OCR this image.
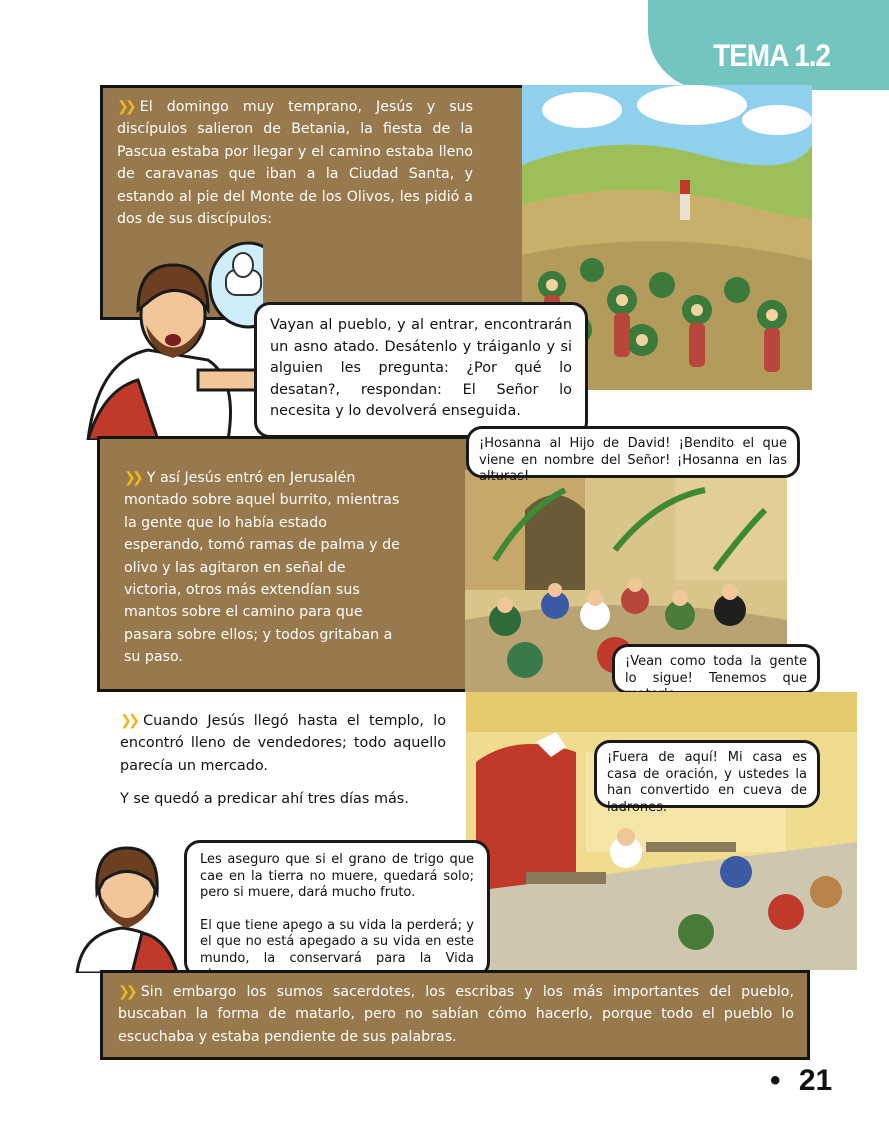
TEMA 1.2
❯❯ El domingo muy temprano, Jesús y sus discípulos salieron de Betania, la fiesta de la Pascua estaba por llegar y el camino estaba lleno de caravanas que iban a la Ciudad Santa, y estando al pie del Monte de los Olivos, les pidió a dos de sus discípulos:

Vayan al pueblo, y al entrar, encontrarán un asno atado. Desátenlo y tráiganlo y si alguien les pregunta: ¿Por qué lo desatan?, respondan: El Señor lo necesita y lo devolverá enseguida.

❯❯ Y así Jesús entró en Jerusalén montado sobre aquel burrito, mientras la gente que lo había estado esperando, tomó ramas de palma y de olivo y las agitaron en señal de victoria, otros más extendían sus mantos sobre el camino para que pasara sobre ellos; y todos gritaban a su paso.

¡Hosanna al Hijo de David! ¡Bendito el que viene en nombre del Señor! ¡Hosanna en las alturas!

¡Vean como toda la gente lo sigue! Tenemos que

❯❯ Cuando Jesús llegó hasta el templo, lo encontró lleno de vendedores; todo aquello parecía un mercado.
Y se quedó a predicar ahí tres días más.

¡Fuera de aquí! Mi casa es casa de oración, y ustedes la han convertido en cueva de ladrones.

Les aseguro que si el grano de trigo que cae en la tierra no muere, quedará solo; pero si muere, dará mucho fruto.

El que tiene apego a su vida la perderá; y el que no está apegado a su vida en este mundo, la conservará para la Vida

❯❯ Sin embargo los sumos sacerdotes, los escribas y los más importantes del pueblo, buscaban la forma de matarlo, pero no sabían cómo hacerlo, porque todo el pueblo lo escuchaba y estaba pendiente de sus palabras.
• 21
